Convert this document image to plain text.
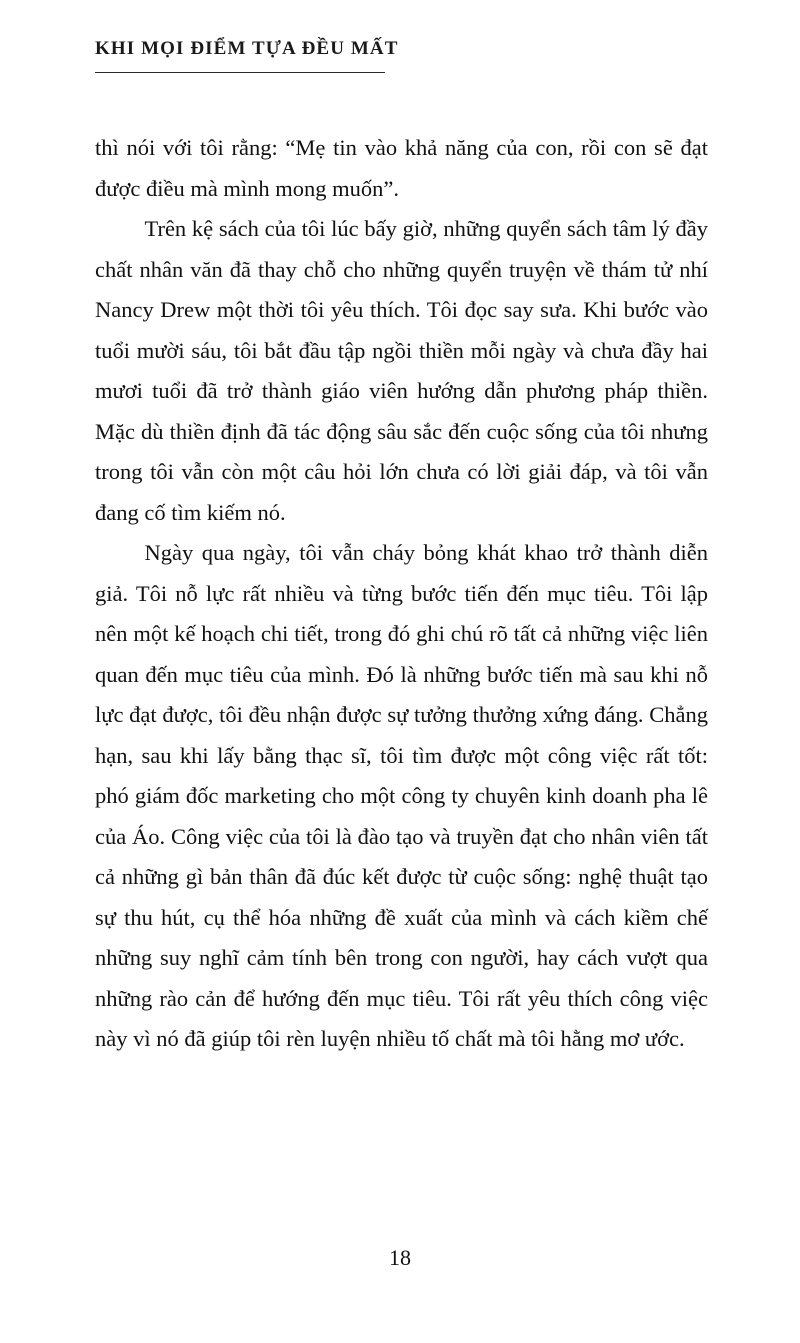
KHI MỌI ĐIỂM TỰA ĐỀU MẤT

thì nói với tôi rằng: “Mẹ tin vào khả năng của con, rồi con sẽ đạt được điều mà mình mong muốn”.

Trên kệ sách của tôi lúc bấy giờ, những quyển sách tâm lý đầy chất nhân văn đã thay chỗ cho những quyển truyện về thám tử nhí Nancy Drew một thời tôi yêu thích. Tôi đọc say sưa. Khi bước vào tuổi mười sáu, tôi bắt đầu tập ngồi thiền mỗi ngày và chưa đầy hai mươi tuổi đã trở thành giáo viên hướng dẫn phương pháp thiền. Mặc dù thiền định đã tác động sâu sắc đến cuộc sống của tôi nhưng trong tôi vẫn còn một câu hỏi lớn chưa có lời giải đáp, và tôi vẫn đang cố tìm kiếm nó.

Ngày qua ngày, tôi vẫn cháy bỏng khát khao trở thành diễn giả. Tôi nỗ lực rất nhiều và từng bước tiến đến mục tiêu. Tôi lập nên một kế hoạch chi tiết, trong đó ghi chú rõ tất cả những việc liên quan đến mục tiêu của mình. Đó là những bước tiến mà sau khi nỗ lực đạt được, tôi đều nhận được sự tưởng thưởng xứng đáng. Chẳng hạn, sau khi lấy bằng thạc sĩ, tôi tìm được một công việc rất tốt: phó giám đốc marketing cho một công ty chuyên kinh doanh pha lê của Áo. Công việc của tôi là đào tạo và truyền đạt cho nhân viên tất cả những gì bản thân đã đúc kết được từ cuộc sống: nghệ thuật tạo sự thu hút, cụ thể hóa những đề xuất của mình và cách kiềm chế những suy nghĩ cảm tính bên trong con người, hay cách vượt qua những rào cản để hướng đến mục tiêu. Tôi rất yêu thích công việc này vì nó đã giúp tôi rèn luyện nhiều tố chất mà tôi hằng mơ ước.

18
